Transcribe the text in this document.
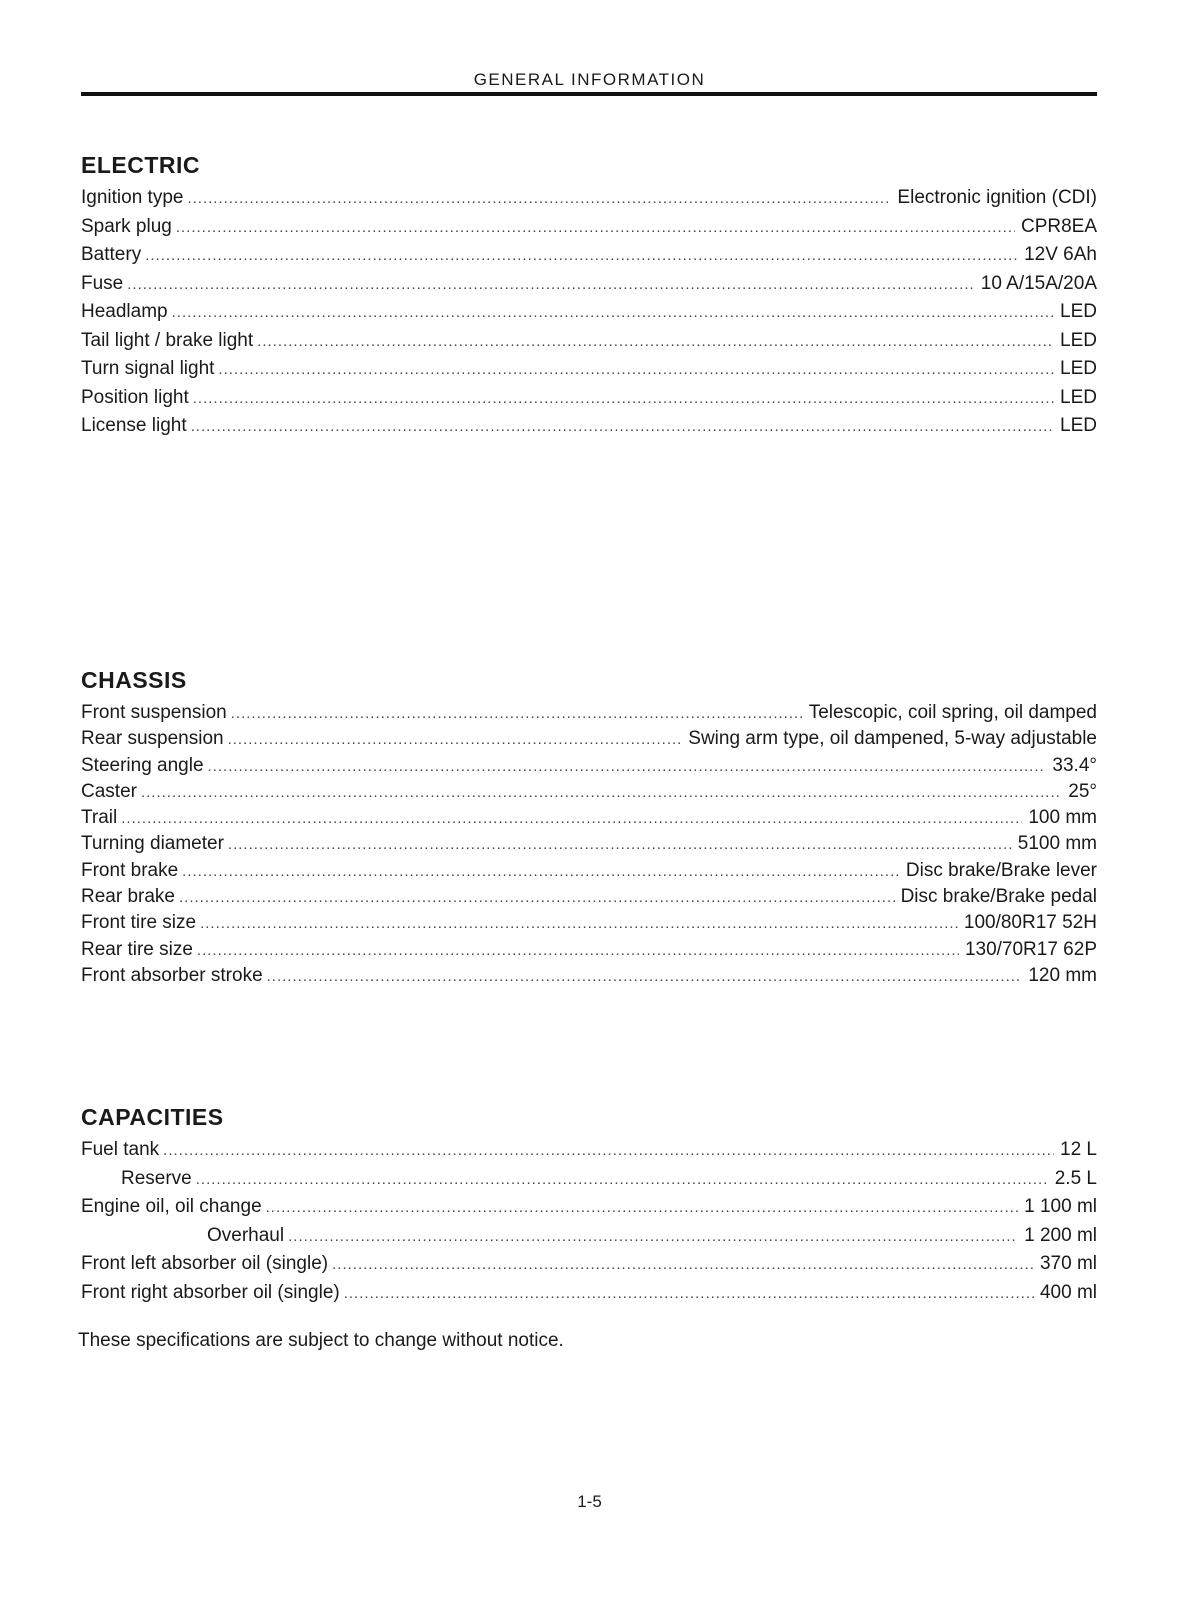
GENERAL INFORMATION
ELECTRIC
Ignition type .....	Electronic ignition (CDI)
Spark plug .....	CPR8EA
Battery .....	12V 6Ah
Fuse .....	10 A/15A/20A
Headlamp .....	LED
Tail light / brake light .....	LED
Turn signal light .....	LED
Position light .....	LED
License light .....	LED
CHASSIS
Front suspension .....	Telescopic, coil spring, oil damped
Rear suspension .....	Swing arm type, oil dampened, 5-way adjustable
Steering angle .....	33.4°
Caster .....	25°
Trail .....	100 mm
Turning diameter .....	5100 mm
Front brake .....	Disc brake/Brake lever
Rear brake .....	Disc brake/Brake pedal
Front tire size .....	100/80R17 52H
Rear tire size .....	130/70R17 62P
Front absorber stroke .....	120 mm
CAPACITIES
Fuel tank .....	12 L
Reserve .....	2.5 L
Engine oil, oil change .....	1 100 ml
Overhaul .....	1 200 ml
Front left absorber oil (single) .....	370 ml
Front right absorber oil (single) .....	400 ml
These specifications are subject to change without notice.
1-5
